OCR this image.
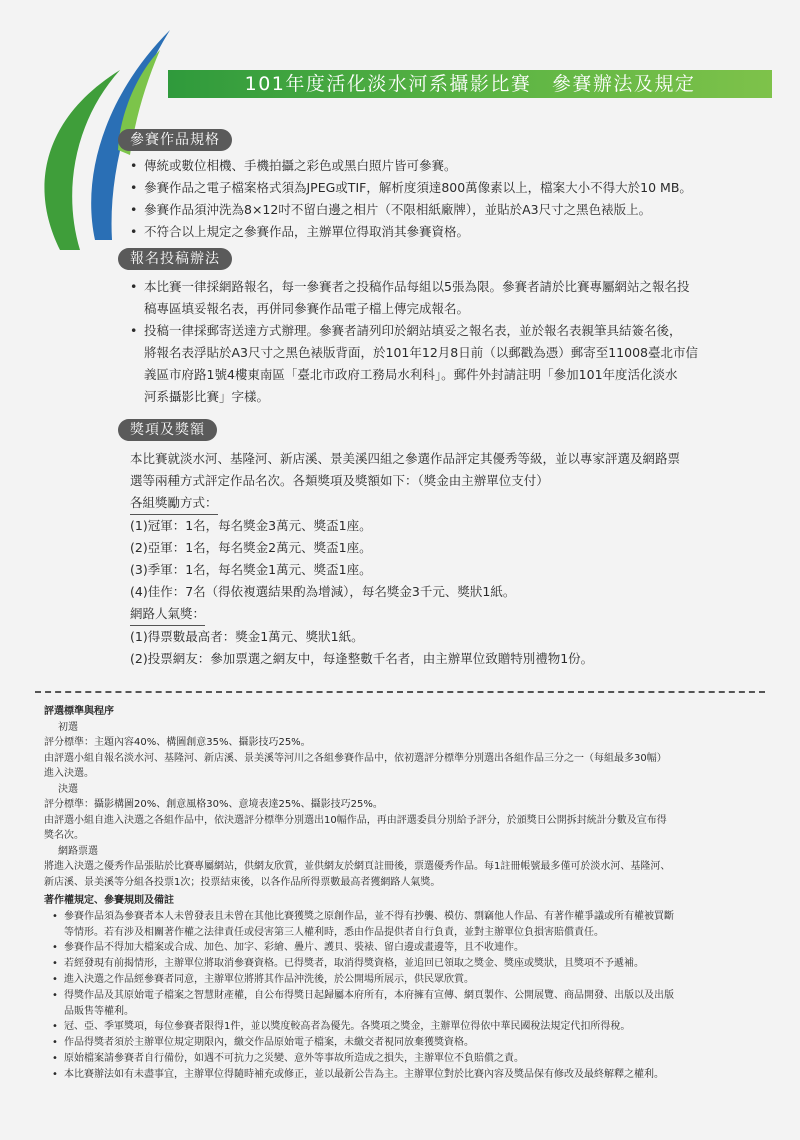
101年度活化淡水河系攝影比賽　參賽辦法及規定
參賽作品規格
• 傳統或數位相機、手機拍攝之彩色或黑白照片皆可參賽。
• 參賽作品之電子檔案格式須為JPEG或TIF，解析度須達800萬像素以上，檔案大小不得大於10 MB。
• 參賽作品須沖洗為8×12吋不留白邊之相片（不限相紙廠牌），並貼於A3尺寸之黑色裱版上。
• 不符合以上規定之參賽作品，主辦單位得取消其參賽資格。
報名投稿辦法
• 本比賽一律採網路報名，每一參賽者之投稿作品每組以5張為限。參賽者請於比賽專屬網站之報名投
稿專區填妥報名表，再併同參賽作品電子檔上傳完成報名。
• 投稿一律採郵寄送達方式辦理。參賽者請列印於網站填妥之報名表，並於報名表親筆具結簽名後，
將報名表浮貼於A3尺寸之黑色裱版背面，於101年12月8日前（以郵戳為憑）郵寄至11008臺北市信
義區市府路1號4樓東南區「臺北市政府工務局水利科」。郵件外封請註明「參加101年度活化淡水
河系攝影比賽」字樣。
獎項及獎額
本比賽就淡水河、基隆河、新店溪、景美溪四組之參選作品評定其優秀等級，並以專家評選及網路票
選等兩種方式評定作品名次。各類獎項及獎額如下：（獎金由主辦單位支付）
各組獎勵方式：
(1)冠軍：1名，每名獎金3萬元、獎盃1座。
(2)亞軍：1名，每名獎金2萬元、獎盃1座。
(3)季軍：1名，每名獎金1萬元、獎盃1座。
(4)佳作：7名（得依複選結果酌為增減），每名獎金3千元、獎狀1紙。
網路人氣獎：
(1)得票數最高者：獎金1萬元、獎狀1紙。
(2)投票網友：參加票選之網友中，每逢整數千名者，由主辦單位致贈特別禮物1份。
評選標準與程序
初選
評分標準：主題內容40%、構圖創意35%、攝影技巧25%。
由評選小組自報名淡水河、基隆河、新店溪、景美溪等河川之各組參賽作品中，依初選評分標準分別選出各組作品三分之一（每組最多30幅）
進入決選。
決選
評分標準：攝影構圖20%、創意風格30%、意境表達25%、攝影技巧25%。
由評選小組自進入決選之各組作品中，依決選評分標準分別選出10幅作品，再由評選委員分別給予評分，於頒獎日公開拆封統計分數及宣布得
獎名次。
網路票選
將進入決選之優秀作品張貼於比賽專屬網站，供網友欣賞，並供網友於網頁註冊後，票選優秀作品。每1註冊帳號最多僅可於淡水河、基隆河、
新店溪、景美溪等分組各投票1次；投票結束後，以各作品所得票數最高者獲網路人氣獎。
著作權規定、參賽規則及備註
• 參賽作品須為參賽者本人未曾發表且未曾在其他比賽獲獎之原創作品，並不得有抄襲、模仿、剽竊他人作品、有著作權爭議或所有權被買斷
等情形。若有涉及相關著作權之法律責任或侵害第三人權利時，悉由作品提供者自行負責，並對主辦單位負損害賠償責任。
• 參賽作品不得加大檔案或合成、加色、加字、彩繪、疊片、護貝、裝裱、留白邊或畫邊等，且不收連作。
• 若經發現有前揭情形，主辦單位將取消參賽資格。已得獎者，取消得獎資格，並追回已領取之獎金、獎座或獎狀，且獎項不予遞補。
• 進入決選之作品經參賽者同意，主辦單位將將其作品沖洗後，於公開場所展示，供民眾欣賞。
• 得獎作品及其原始電子檔案之智慧財產權，自公布得獎日起歸屬本府所有，本府擁有宣傳、網頁製作、公開展覽、商品開發、出版以及出版
品販售等權利。
• 冠、亞、季軍獎項，每位參賽者限得1件，並以獎度較高者為優先。各獎項之獎金，主辦單位得依中華民國稅法規定代扣所得稅。
• 作品得獎者須於主辦單位規定期限內，繳交作品原始電子檔案，未繳交者視同放棄獲獎資格。
• 原始檔案請參賽者自行備份，如遇不可抗力之災變、意外等事故所造成之損失，主辦單位不負賠償之責。
• 本比賽辦法如有未盡事宜，主辦單位得隨時補充或修正，並以最新公告為主。主辦單位對於比賽內容及獎品保有修改及最終解釋之權利。
